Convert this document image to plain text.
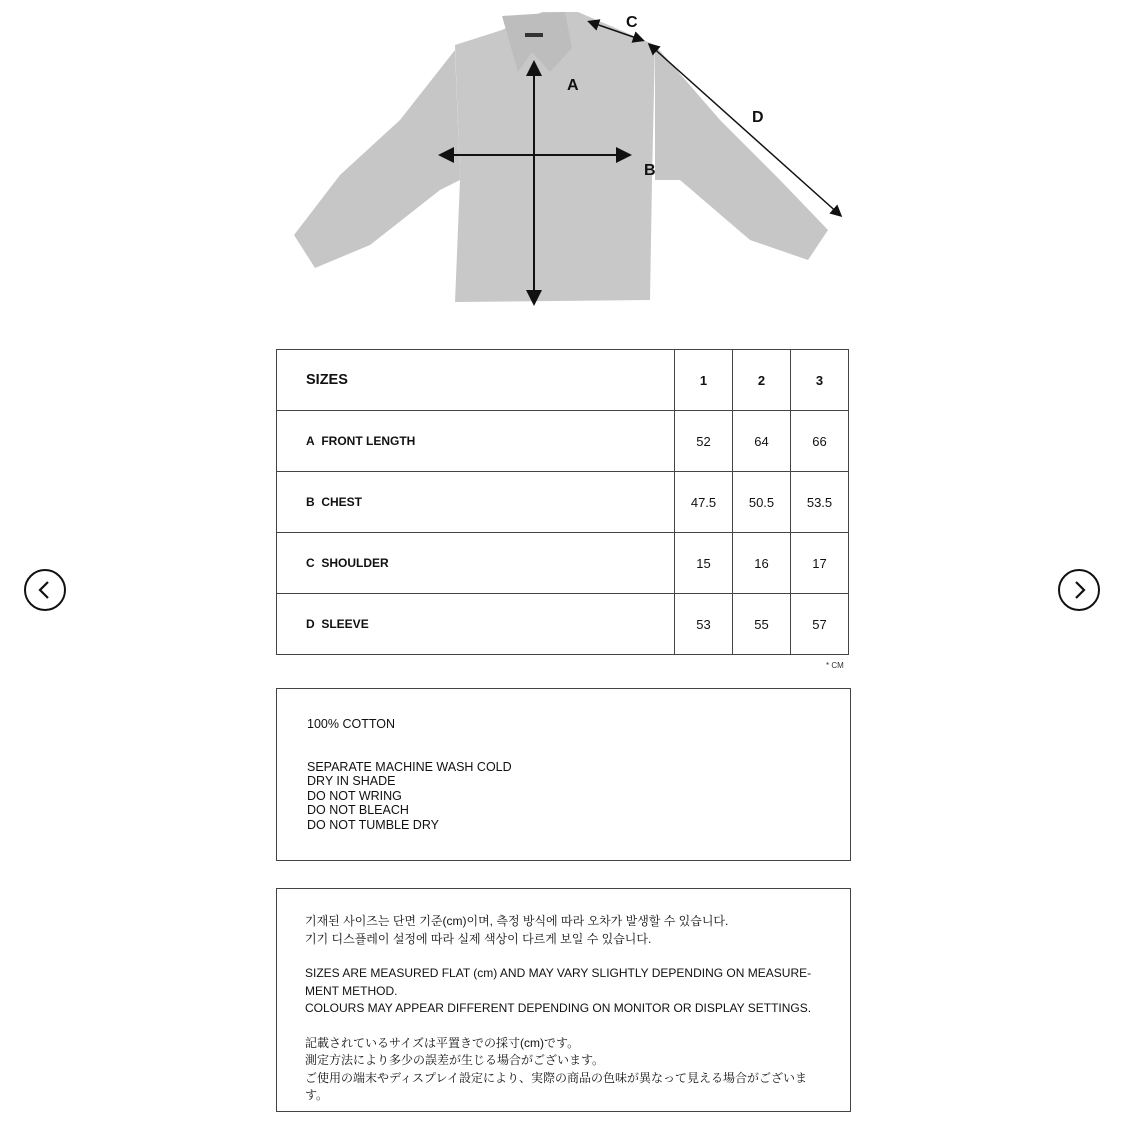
A
B
C
D
SIZES	1	2	3
A FRONT LENGTH	52	64	66
B CHEST	47.5	50.5	53.5
C SHOULDER	15	16	17
D SLEEVE	53	55	57
* CM
100% COTTON
SEPARATE MACHINE WASH COLD
DRY IN SHADE
DO NOT WRING
DO NOT BLEACH
DO NOT TUMBLE DRY
기재된 사이즈는 단면 기준(cm)이며, 측정 방식에 따라 오차가 발생할 수 있습니다.
기기 디스플레이 설정에 따라 실제 색상이 다르게 보일 수 있습니다.
SIZES ARE MEASURED FLAT (cm) AND MAY VARY SLIGHTLY DEPENDING ON MEASURE-
MENT METHOD.
COLOURS MAY APPEAR DIFFERENT DEPENDING ON MONITOR OR DISPLAY SETTINGS.
記載されているサイズは平置きでの採寸(cm)です。
測定方法により多少の誤差が生じる場合がございます。
ご使用の端末やディスプレイ設定により、実際の商品の色味が異なって見える場合がございます。
